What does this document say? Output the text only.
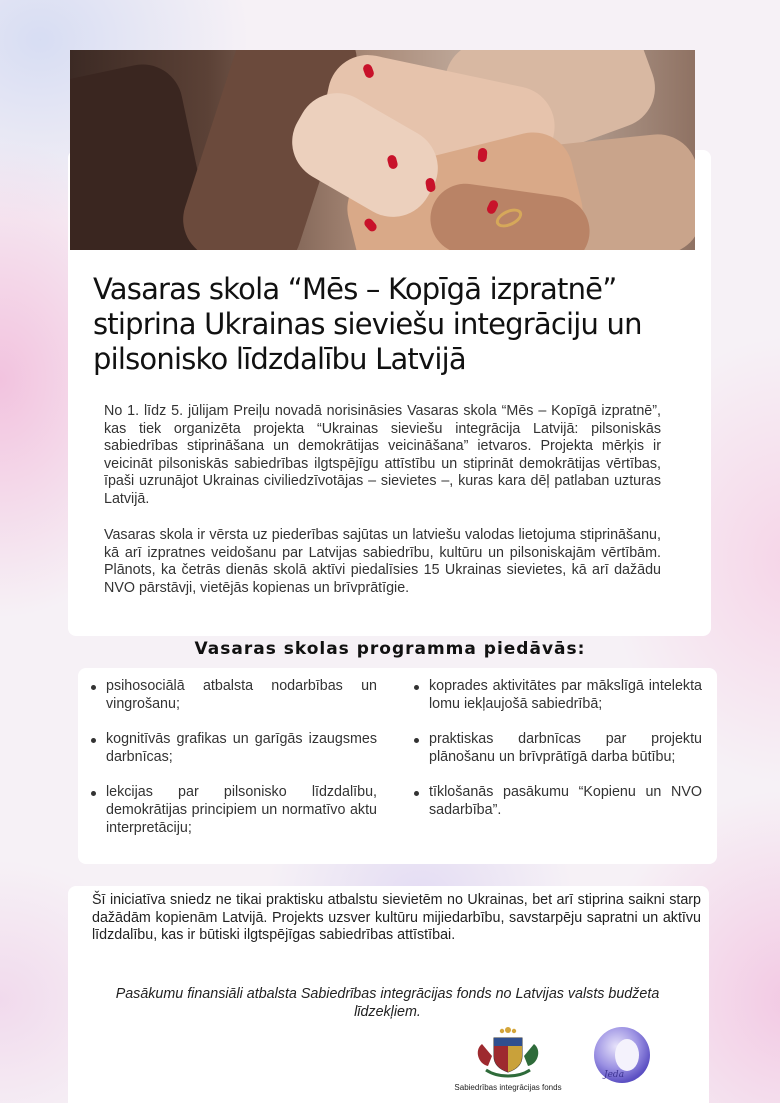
Vasaras skola “Mēs – Kopīgā izpratnē” stiprina Ukrainas sieviešu integrāciju un pilsonisko līdzdalību Latvijā

No 1. līdz 5. jūlijam Preiļu novadā norisināsies Vasaras skola “Mēs – Kopīgā izpratnē”, kas tiek organizēta projekta “Ukrainas sieviešu integrācija Latvijā: pilsoniskās sabiedrības stiprināšana un demokrātijas veicināšana” ietvaros. Projekta mērķis ir veicināt pilsoniskās sabiedrības ilgtspējīgu attīstību un stiprināt demokrātijas vērtības, īpaši uzrunājot Ukrainas civiliedzīvotājas – sievietes –, kuras kara dēļ patlaban uzturas Latvijā.

Vasaras skola ir vērsta uz piederības sajūtas un latviešu valodas lietojuma stiprināšanu, kā arī izpratnes veidošanu par Latvijas sabiedrību, kultūru un pilsoniskajām vērtībām. Plānots, ka četrās dienās skolā aktīvi piedalīsies 15 Ukrainas sievietes, kā arī dažādu NVO pārstāvji, vietējās kopienas un brīvprātīgie.

Vasaras skolas programma piedāvās:
psihosociālā atbalsta nodarbības un vingrošanu;
kognitīvās grafikas un garīgās izaugsmes darbnīcas;
lekcijas par pilsonisko līdzdalību, demokrātijas principiem un normatīvo aktu interpretāciju;
koprades aktivitātes par mākslīgā intelekta lomu iekļaujošā sabiedrībā;
praktiskas darbnīcas par projektu plānošanu un brīvprātīgā darba būtību;
tīklošanās pasākumu “Kopienu un NVO sadarbība”.

Šī iniciatīva sniedz ne tikai praktisku atbalstu sievietēm no Ukrainas, bet arī stiprina saikni starp dažādām kopienām Latvijā. Projekts uzsver kultūru mijiedarbību, savstarpēju sapratni un aktīvu līdzdalību, kas ir būtiski ilgtspējīgas sabiedrības attīstībai.

Pasākumu finansiāli atbalsta Sabiedrības integrācijas fonds no Latvijas valsts budžeta līdzekļiem.

Sabiedrības integrācijas fonds

Jeda
